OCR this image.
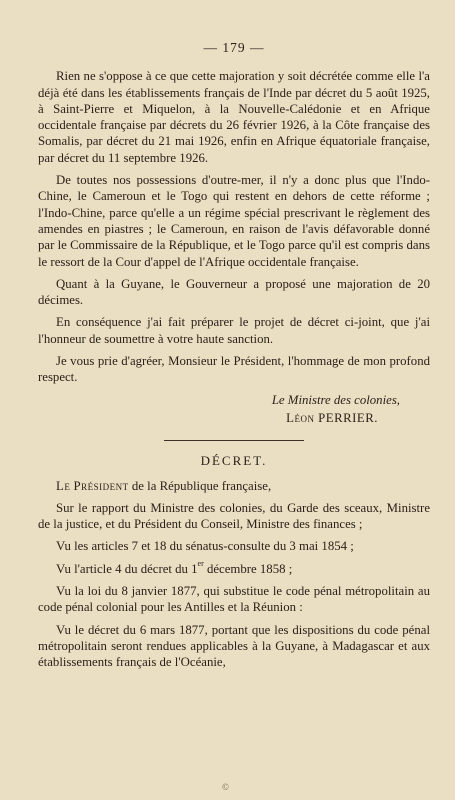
— 179 —

Rien ne s'oppose à ce que cette majoration y soit décrétée comme elle l'a déjà été dans les établissements français de l'Inde par décret du 5 août 1925, à Saint-Pierre et Miquelon, à la Nouvelle-Calédonie et en Afrique occidentale française par décrets du 26 février 1926, à la Côte française des Somalis, par décret du 21 mai 1926, enfin en Afrique équatoriale française, par décret du 11 septembre 1926.

De toutes nos possessions d'outre-mer, il n'y a donc plus que l'Indo-Chine, le Cameroun et le Togo qui restent en dehors de cette réforme ; l'Indo-Chine, parce qu'elle a un régime spécial prescrivant le règlement des amendes en piastres ; le Cameroun, en raison de l'avis défavorable donné par le Commissaire de la République, et le Togo parce qu'il est compris dans le ressort de la Cour d'appel de l'Afrique occidentale française.

Quant à la Guyane, le Gouverneur a proposé une majoration de 20 décimes.

En conséquence j'ai fait préparer le projet de décret ci-joint, que j'ai l'honneur de soumettre à votre haute sanction.

Je vous prie d'agréer, Monsieur le Président, l'hommage de mon profond respect.

Le Ministre des colonies,
Léon PERRIER.
DÉCRET.

Le Président de la République française,

Sur le rapport du Ministre des colonies, du Garde des sceaux, Ministre de la justice, et du Président du Conseil, Ministre des finances ;

Vu les articles 7 et 18 du sénatus-consulte du 3 mai 1854 ;

Vu l'article 4 du décret du 1er décembre 1858 ;

Vu la loi du 8 janvier 1877, qui substitue le code pénal métropolitain au code pénal colonial pour les Antilles et la Réunion :

Vu le décret du 6 mars 1877, portant que les dispositions du code pénal métropolitain seront rendues applicables à la Guyane, à Madagascar et aux établissements français de l'Océanie,

©
